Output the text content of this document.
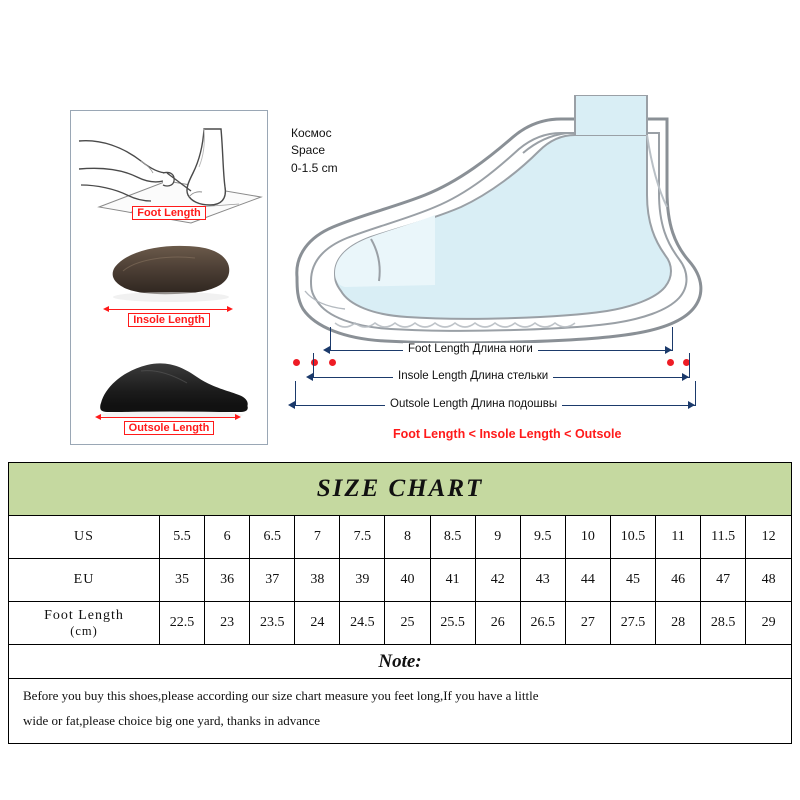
Foot Length
Insole Length
Outsole Length
Космос
Space
0-1.5 cm
Foot Length Длина ноги
Insole Length Длина стельки
Outsole Length Длина подошвы
Foot Length < Insole Length < Outsole
SIZE CHART
US	5.5	6	6.5	7	7.5	8	8.5	9	9.5	10	10.5	11	11.5	12
EU	35	36	37	38	39	40	41	42	43	44	45	46	47	48
Foot Length
(cm)	22.5	23	23.5	24	24.5	25	25.5	26	26.5	27	27.5	28	28.5	29
Note:
Before you buy this shoes,please according our size chart measure you feet long,If you have a little
wide or fat,please choice big one yard, thanks in advance
